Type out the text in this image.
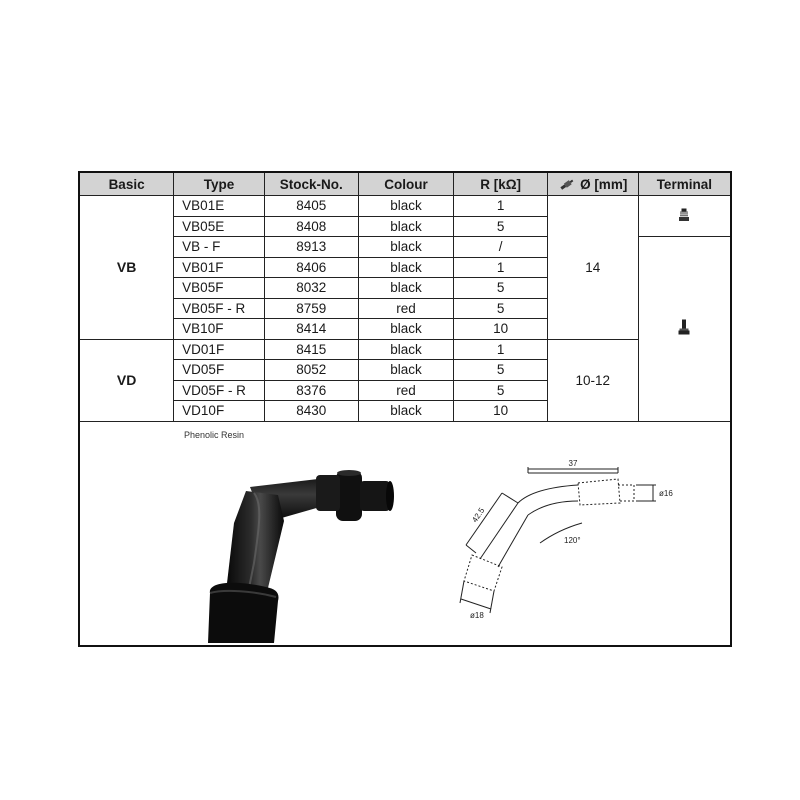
Basic	Type	Stock-No.	Colour	R [kΩ]	Ø [mm]	Terminal
VB	VB01E	8405	black	1	14	
	VB05E	8408	black	5		
	VB - F	8913	black	/	
	VB01F	8406	black	1		
	VB05F	8032	black	5		
	VB05F - R	8759	red	5		
	VB10F	8414	black	10		
VD	VD01F	8415	black	1	10-12	
	VD05F	8052	black	5		
	VD05F - R	8376	red	5		
	VD10F	8430	black	10		
Phenolic Resin
37
ø16
42.5
ø18
120°
